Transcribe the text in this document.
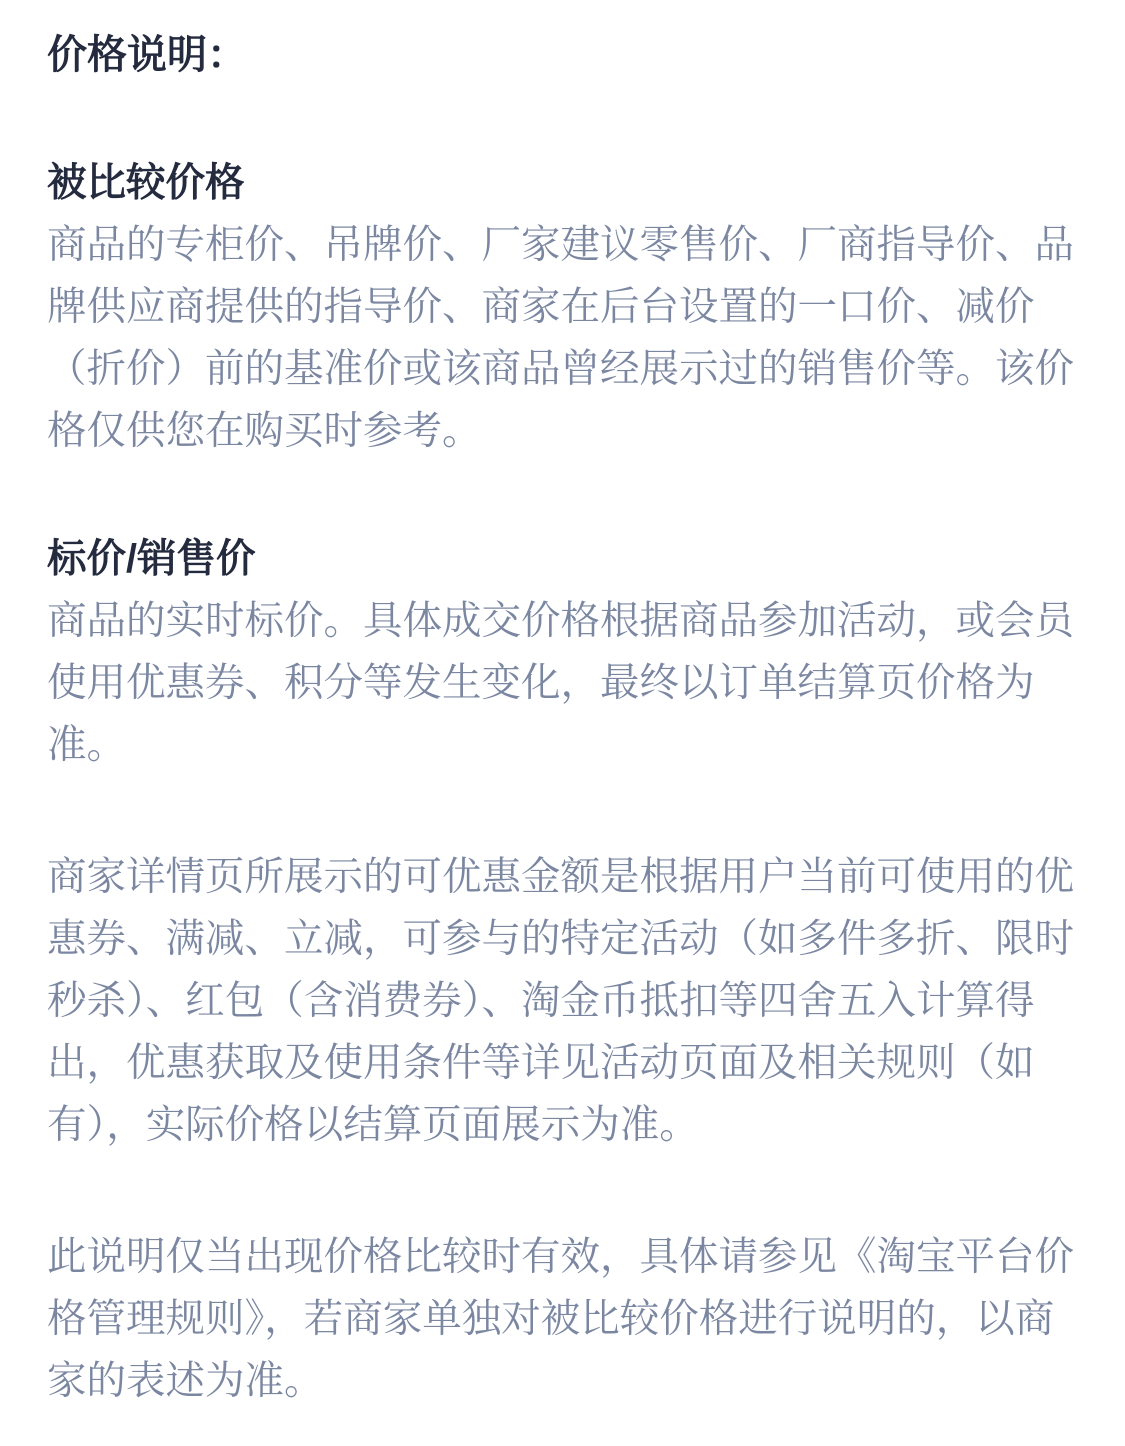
价格说明：
被比较价格

商品的专柜价、吊牌价、厂家建议零售价、厂商指导价、品牌供应商提供的指导价、商家在后台设置的一口价、减价（折价）前的基准价或该商品曾经展示过的销售价等。该价格仅供您在购买时参考。

标价/销售价

商品的实时标价。具体成交价格根据商品参加活动，或会员使用优惠券、积分等发生变化，最终以订单结算页价格为准。

商家详情页所展示的可优惠金额是根据用户当前可使用的优惠券、满减、立减，可参与的特定活动（如多件多折、限时秒杀）、红包（含消费券）、淘金币抵扣等四舍五入计算得出，优惠获取及使用条件等详见活动页面及相关规则（如有），实际价格以结算页面展示为准。

此说明仅当出现价格比较时有效，具体请参见《淘宝平台价格管理规则》，若商家单独对被比较价格进行说明的，以商家的表述为准。
